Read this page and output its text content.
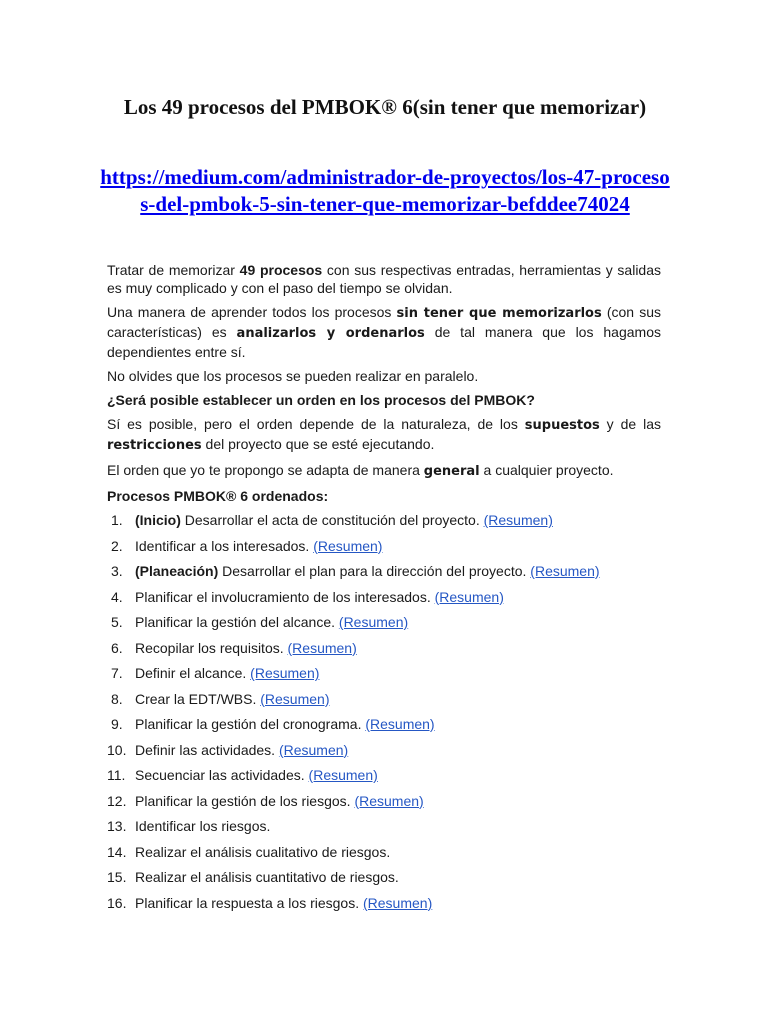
Los 49 procesos del PMBOK® 6(sin tener que memorizar)
https://medium.com/administrador-de-proyectos/los-47-procesos-del-pmbok-5-sin-tener-que-memorizar-befddee74024

Tratar de memorizar 49 procesos con sus respectivas entradas, herramientas y salidas es muy complicado y con el paso del tiempo se olvidan.

Una manera de aprender todos los procesos sin tener que memorizarlos (con sus características) es analizarlos y ordenarlos de tal manera que los hagamos dependientes entre sí.

No olvides que los procesos se pueden realizar en paralelo.

¿Será posible establecer un orden en los procesos del PMBOK?

Sí es posible, pero el orden depende de la naturaleza, de los supuestos y de las restricciones del proyecto que se esté ejecutando.

El orden que yo te propongo se adapta de manera general a cualquier proyecto.

Procesos PMBOK® 6 ordenados:

1. (Inicio) Desarrollar el acta de constitución del proyecto. (Resumen)
2. Identificar a los interesados. (Resumen)
3. (Planeación) Desarrollar el plan para la dirección del proyecto. (Resumen)
4. Planificar el involucramiento de los interesados. (Resumen)
5. Planificar la gestión del alcance. (Resumen)
6. Recopilar los requisitos. (Resumen)
7. Definir el alcance. (Resumen)
8. Crear la EDT/WBS. (Resumen)
9. Planificar la gestión del cronograma. (Resumen)
10. Definir las actividades. (Resumen)
11. Secuenciar las actividades. (Resumen)
12. Planificar la gestión de los riesgos. (Resumen)
13. Identificar los riesgos.
14. Realizar el análisis cualitativo de riesgos.
15. Realizar el análisis cuantitativo de riesgos.
16. Planificar la respuesta a los riesgos. (Resumen)
